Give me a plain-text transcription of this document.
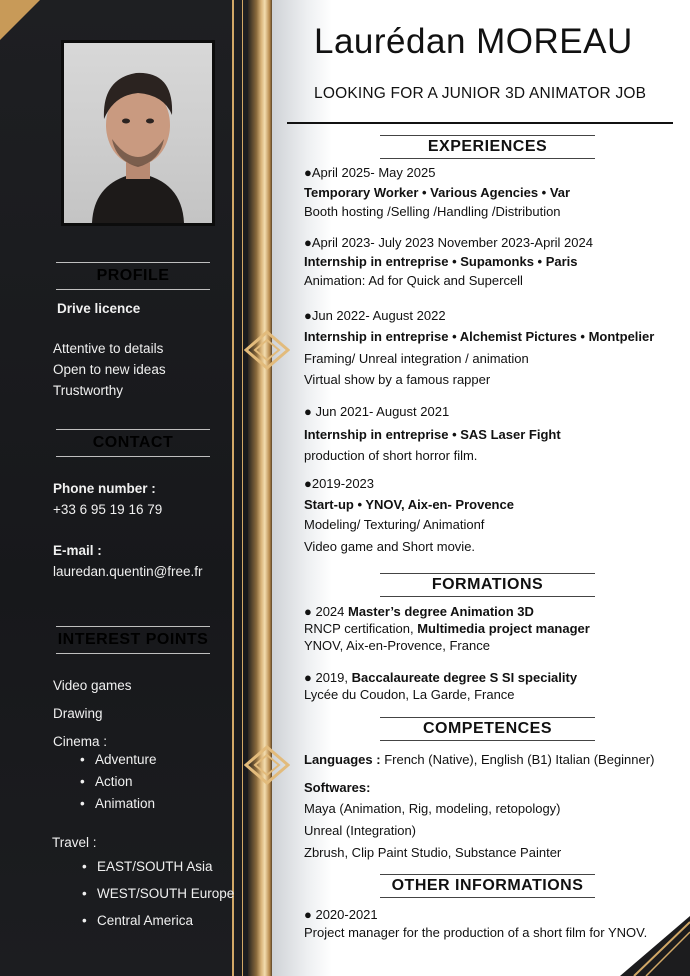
PROFILE
Drive licence
Attentive to details
Open to new ideas
Trustworthy
CONTACT
Phone number :
+33 6 95 19 16 79
E-mail :
lauredan.quentin@free.fr
INTEREST POINTS
Video games
Drawing
Cinema :
• Adventure
• Action
• Animation
Travel :
• EAST/SOUTH Asia
• WEST/SOUTH Europe
• Central America
Laurédan MOREAU
LOOKING FOR A JUNIOR 3D ANIMATOR JOB
EXPERIENCES
●April 2025- May 2025
Temporary Worker • Various Agencies • Var
Booth hosting /Selling /Handling /Distribution
●April 2023- July 2023 November 2023-April 2024
Internship in entreprise • Supamonks • Paris
Animation: Ad for Quick and Supercell
●Jun 2022- August 2022
Internship in entreprise • Alchemist Pictures • Montpelier
Framing/ Unreal integration / animation
Virtual show by a famous rapper
● Jun 2021- August 2021
Internship in entreprise • SAS Laser Fight
production of short horror film.
●2019-2023
Start-up • YNOV, Aix-en- Provence
Modeling/ Texturing/ Animationf
Video game and Short movie.
FORMATIONS
● 2024 Master’s degree Animation 3D
RNCP certification, Multimedia project manager
YNOV, Aix-en-Provence, France
● 2019, Baccalaureate degree S SI speciality
Lycée du Coudon, La Garde, France
COMPETENCES
Languages : French (Native), English (B1) Italian (Beginner)
Softwares:
Maya (Animation, Rig, modeling, retopology)
Unreal (Integration)
Zbrush, Clip Paint Studio, Substance Painter
OTHER INFORMATIONS
● 2020-2021
Project manager for the production of a short film for YNOV.
